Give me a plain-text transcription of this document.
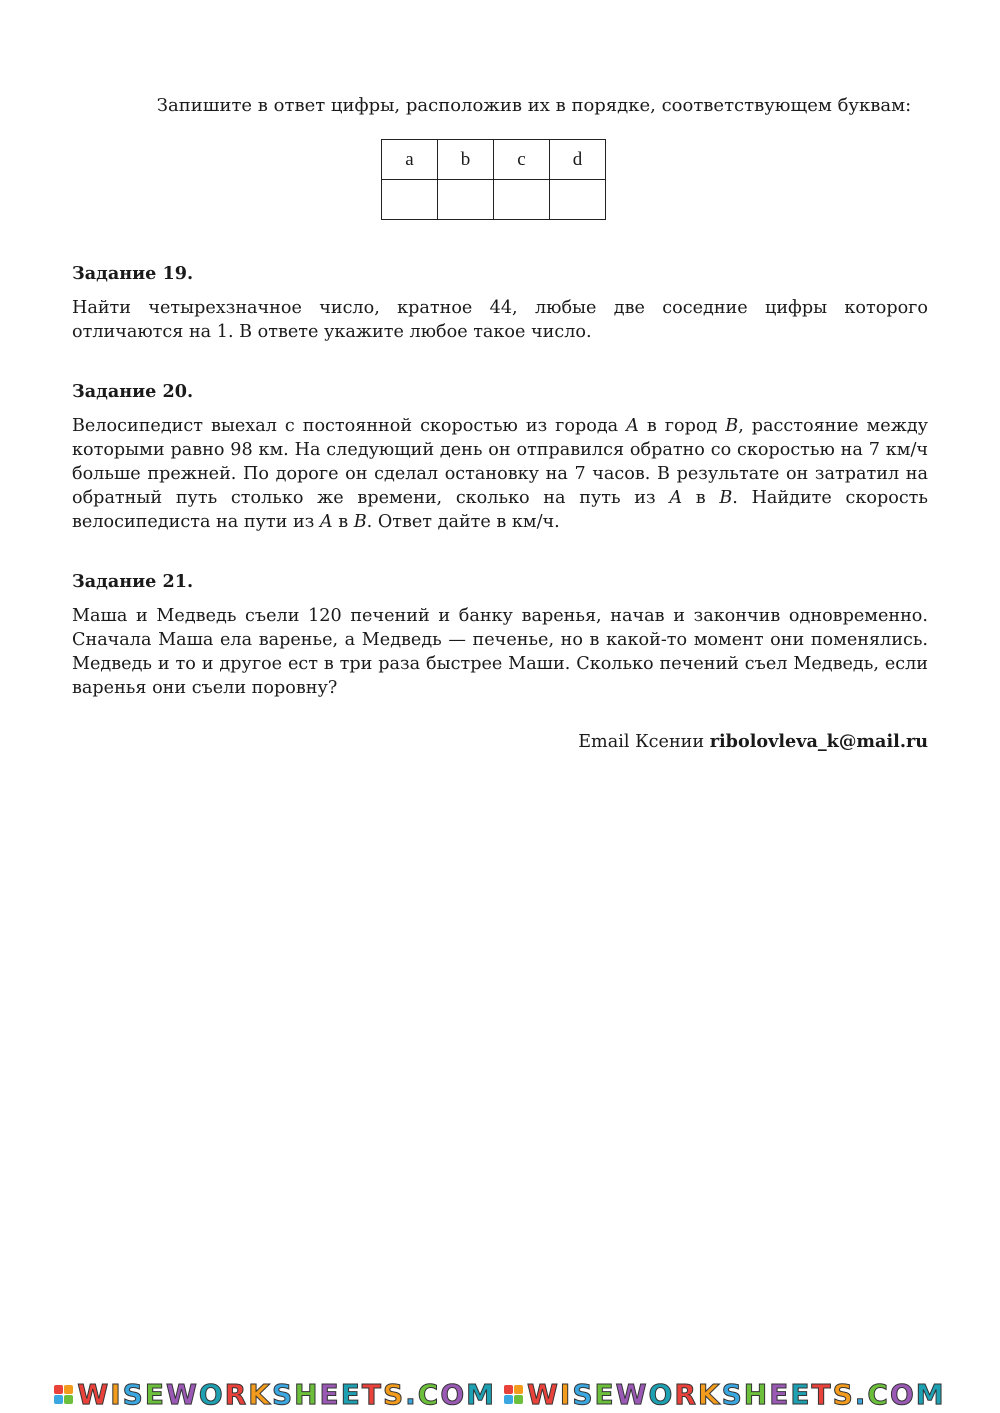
Запишите в ответ цифры, расположив их в порядке, соответствующем буквам:
a	b	c	d

Задание 19.

Найти четырехзначное число, кратное 44, любые две соседние цифры которого отличаются на 1. В ответе укажите любое такое число.

Задание 20.

Велосипедист выехал с постоянной скоростью из города A в город B, расстояние между которыми равно 98 км. На следующий день он отправился обратно со скоростью на 7 км/ч больше прежней. По дороге он сделал остановку на 7 часов. В результате он затратил на обратный путь столько же времени, сколько на путь из A в B. Найдите скорость велосипедиста на пути из A в B. Ответ дайте в км/ч.

Задание 21.

Маша и Медведь съели 120 печений и банку варенья, начав и закончив одновременно. Сначала Маша ела варенье, а Медведь — печенье, но в какой-то момент они поменялись. Медведь и то и другое ест в три раза быстрее Маши. Сколько печений съел Медведь, если варенья они съели поровну?

Email Ксении ribolovleva_k@mail.ru
WISEWORKSHEETS.COM WISEWORKSHEETS.COM
